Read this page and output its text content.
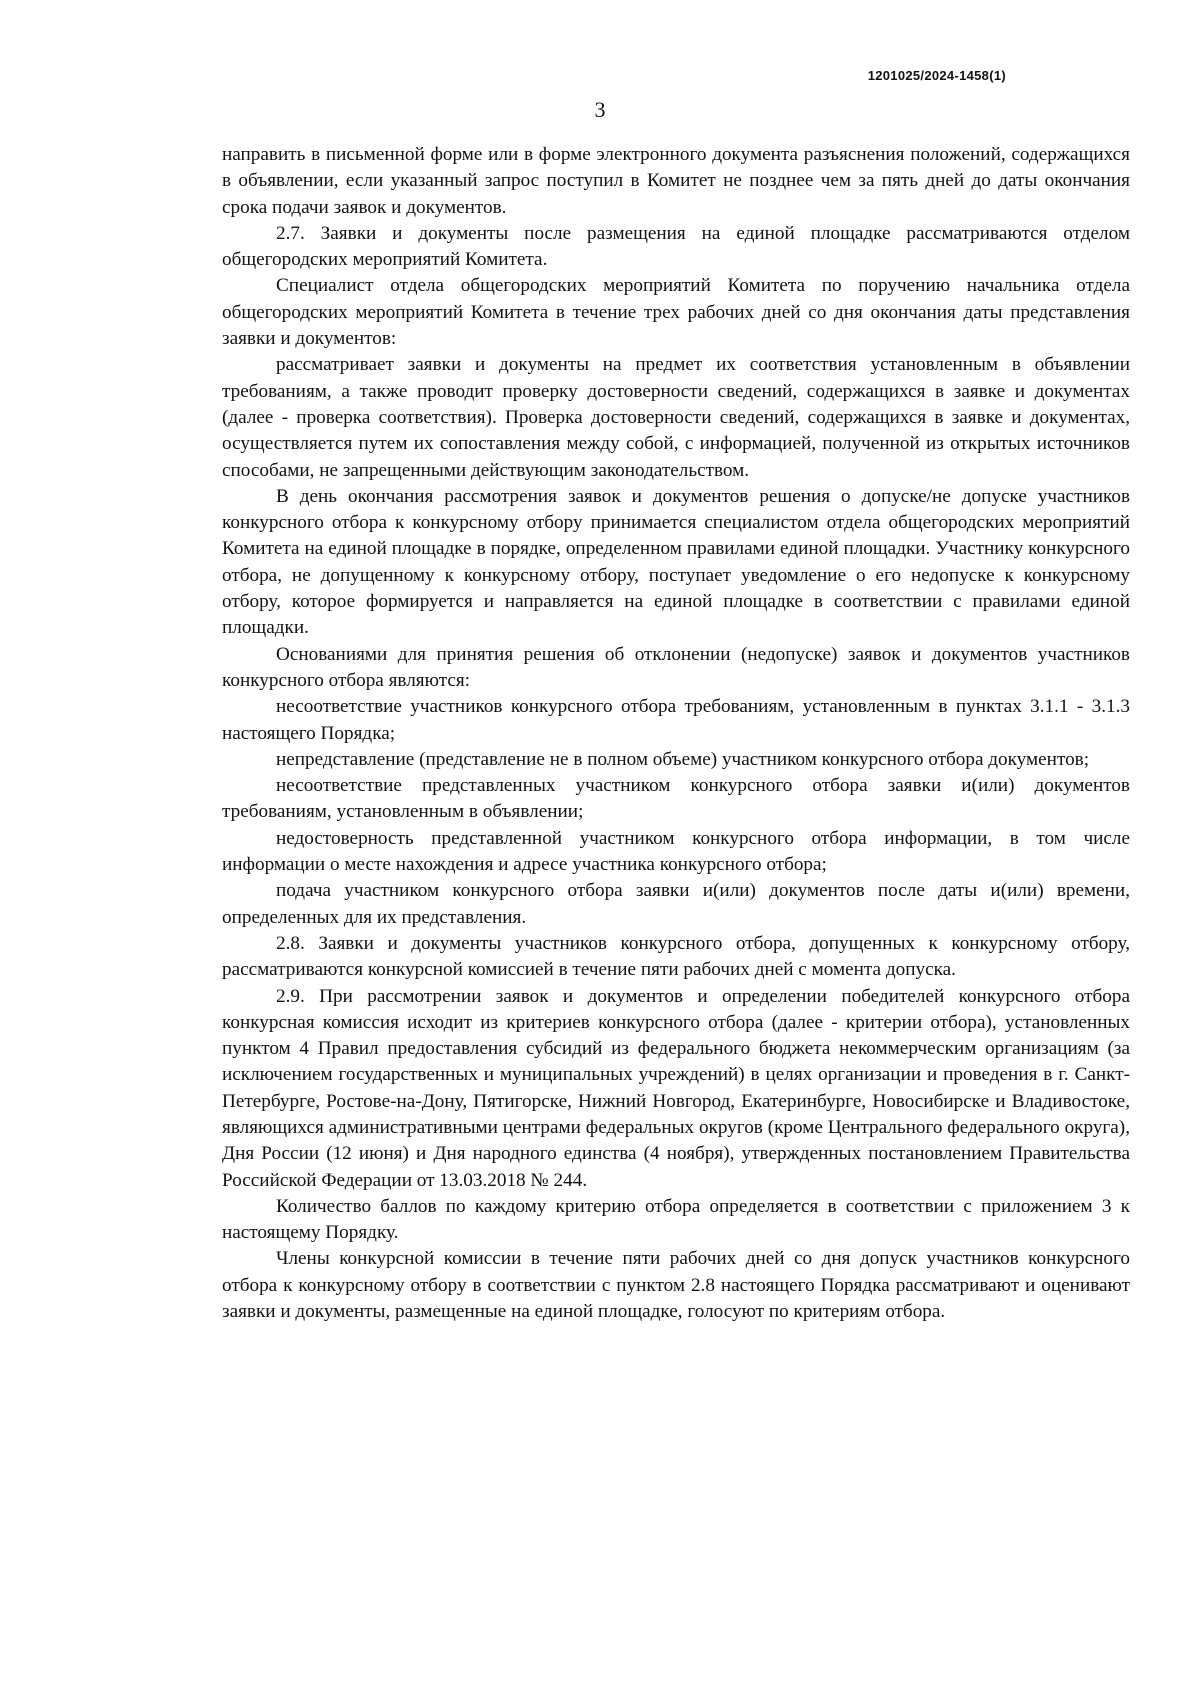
1201025/2024-1458(1)
3

направить в письменной форме или в форме электронного документа разъяснения положений, содержащихся в объявлении, если указанный запрос поступил в Комитет не позднее чем за пять дней до даты окончания срока подачи заявок и документов.

2.7. Заявки и документы после размещения на единой площадке рассматриваются отделом общегородских мероприятий Комитета.

Специалист отдела общегородских мероприятий Комитета по поручению начальника отдела общегородских мероприятий Комитета в течение трех рабочих дней со дня окончания даты представления заявки и документов:

рассматривает заявки и документы на предмет их соответствия установленным в объявлении требованиям, а также проводит проверку достоверности сведений, содержащихся в заявке и документах (далее - проверка соответствия). Проверка достоверности сведений, содержащихся в заявке и документах, осуществляется путем их сопоставления между собой, с информацией, полученной из открытых источников способами, не запрещенными действующим законодательством.

В день окончания рассмотрения заявок и документов решения о допуске/не допуске участников конкурсного отбора к конкурсному отбору принимается специалистом отдела общегородских мероприятий Комитета на единой площадке в порядке, определенном правилами единой площадки. Участнику конкурсного отбора, не допущенному к конкурсному отбору, поступает уведомление о его недопуске к конкурсному отбору, которое формируется и направляется на единой площадке в соответствии с правилами единой площадки.

Основаниями для принятия решения об отклонении (недопуске) заявок и документов участников конкурсного отбора являются:

несоответствие участников конкурсного отбора требованиям, установленным в пунктах 3.1.1 - 3.1.3 настоящего Порядка;

непредставление (представление не в полном объеме) участником конкурсного отбора документов;

несоответствие представленных участником конкурсного отбора заявки и(или) документов требованиям, установленным в объявлении;

недостоверность представленной участником конкурсного отбора информации, в том числе информации о месте нахождения и адресе участника конкурсного отбора;

подача участником конкурсного отбора заявки и(или) документов после даты и(или) времени, определенных для их представления.

2.8. Заявки и документы участников конкурсного отбора, допущенных к конкурсному отбору, рассматриваются конкурсной комиссией в течение пяти рабочих дней с момента допуска.

2.9. При рассмотрении заявок и документов и определении победителей конкурсного отбора конкурсная комиссия исходит из критериев конкурсного отбора (далее - критерии отбора), установленных пунктом 4 Правил предоставления субсидий из федерального бюджета некоммерческим организациям (за исключением государственных и муниципальных учреждений) в целях организации и проведения в г. Санкт-Петербурге, Ростове-на-Дону, Пятигорске, Нижний Новгород, Екатеринбурге, Новосибирске и Владивостоке, являющихся административными центрами федеральных округов (кроме Центрального федерального округа), Дня России (12 июня) и Дня народного единства (4 ноября), утвержденных постановлением Правительства Российской Федерации от 13.03.2018 № 244.

Количество баллов по каждому критерию отбора определяется в соответствии с приложением 3 к настоящему Порядку.

Члены конкурсной комиссии в течение пяти рабочих дней со дня допуск участников конкурсного отбора к конкурсному отбору в соответствии с пунктом 2.8 настоящего Порядка рассматривают и оценивают заявки и документы, размещенные на единой площадке, голосуют по критериям отбора.
